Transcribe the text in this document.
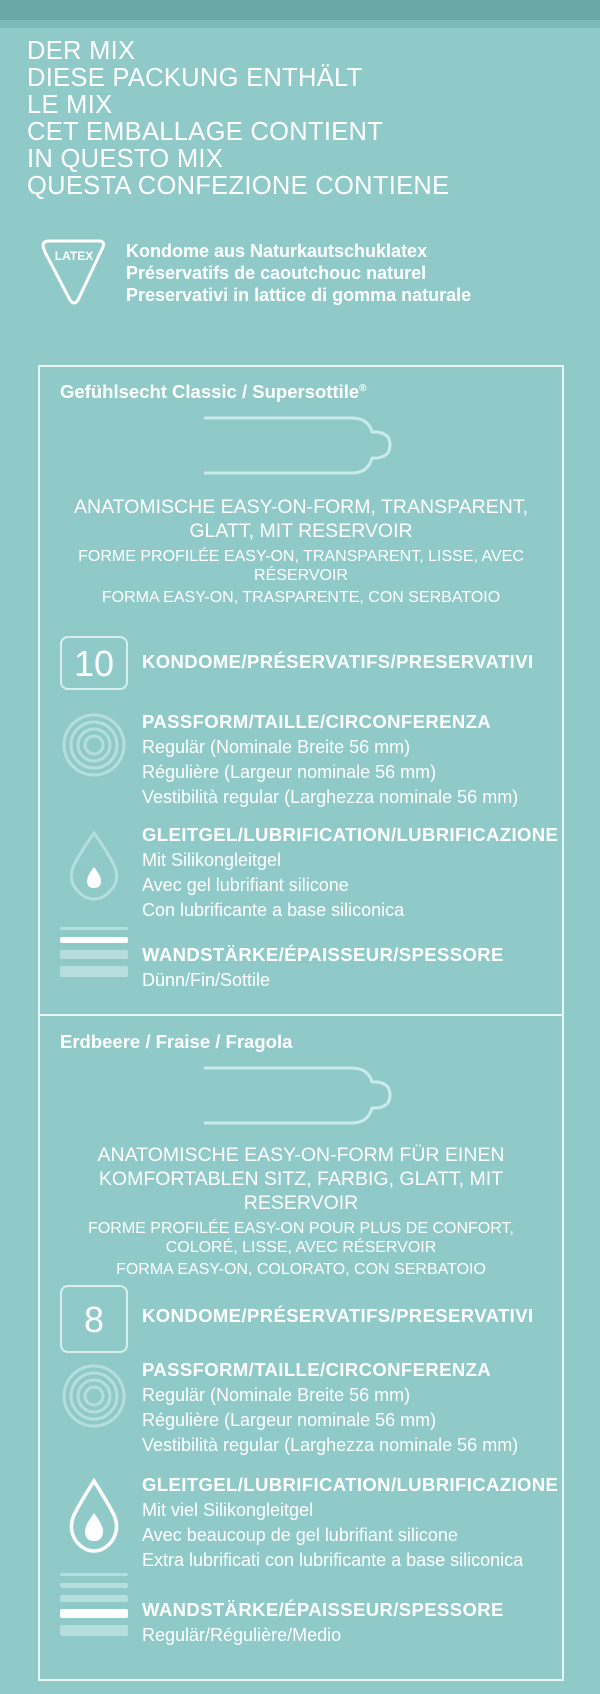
DER MIX
DIESE PACKUNG ENTHÄLT
LE MIX
CET EMBALLAGE CONTIENT
IN QUESTO MIX
QUESTA CONFEZIONE CONTIENE
LATEX Kondome aus Naturkautschuklatex
Préservatifs de caoutchouc naturel
Preservativi in lattice di gomma naturale
Gefühlsecht Classic / Supersottile®
ANATOMISCHE EASY-ON-FORM, TRANSPARENT,
GLATT, MIT RESERVOIR
FORME PROFILÉE EASY-ON, TRANSPARENT, LISSE, AVEC
RÉSERVOIR
FORMA EASY-ON, TRASPARENTE, CON SERBATOIO
10	KONDOME/PRÉSERVATIFS/PRESERVATIVI
PASSFORM/TAILLE/CIRCONFERENZA
Regulär (Nominale Breite 56 mm)
Régulière (Largeur nominale 56 mm)
Vestibilità regular (Larghezza nominale 56 mm)
GLEITGEL/LUBRIFICATION/LUBRIFICAZIONE
Mit Silikongleitgel
Avec gel lubrifiant silicone
Con lubrificante a base siliconica
WANDSTÄRKE/ÉPAISSEUR/SPESSORE
Dünn/Fin/Sottile
Erdbeere / Fraise / Fragola
ANATOMISCHE EASY-ON-FORM FÜR EINEN
KOMFORTABLEN SITZ, FARBIG, GLATT, MIT RESERVOIR
FORME PROFILÉE EASY-ON POUR PLUS DE CONFORT,
COLORÉ, LISSE, AVEC RÉSERVOIR
FORMA EASY-ON, COLORATO, CON SERBATOIO
8	KONDOME/PRÉSERVATIFS/PRESERVATIVI
PASSFORM/TAILLE/CIRCONFERENZA
Regulär (Nominale Breite 56 mm)
Régulière (Largeur nominale 56 mm)
Vestibilità regular (Larghezza nominale 56 mm)
GLEITGEL/LUBRIFICATION/LUBRIFICAZIONE
Mit viel Silikongleitgel
Avec beaucoup de gel lubrifiant silicone
Extra lubrificati con lubrificante a base siliconica
WANDSTÄRKE/ÉPAISSEUR/SPESSORE
Regulär/Régulière/Medio
